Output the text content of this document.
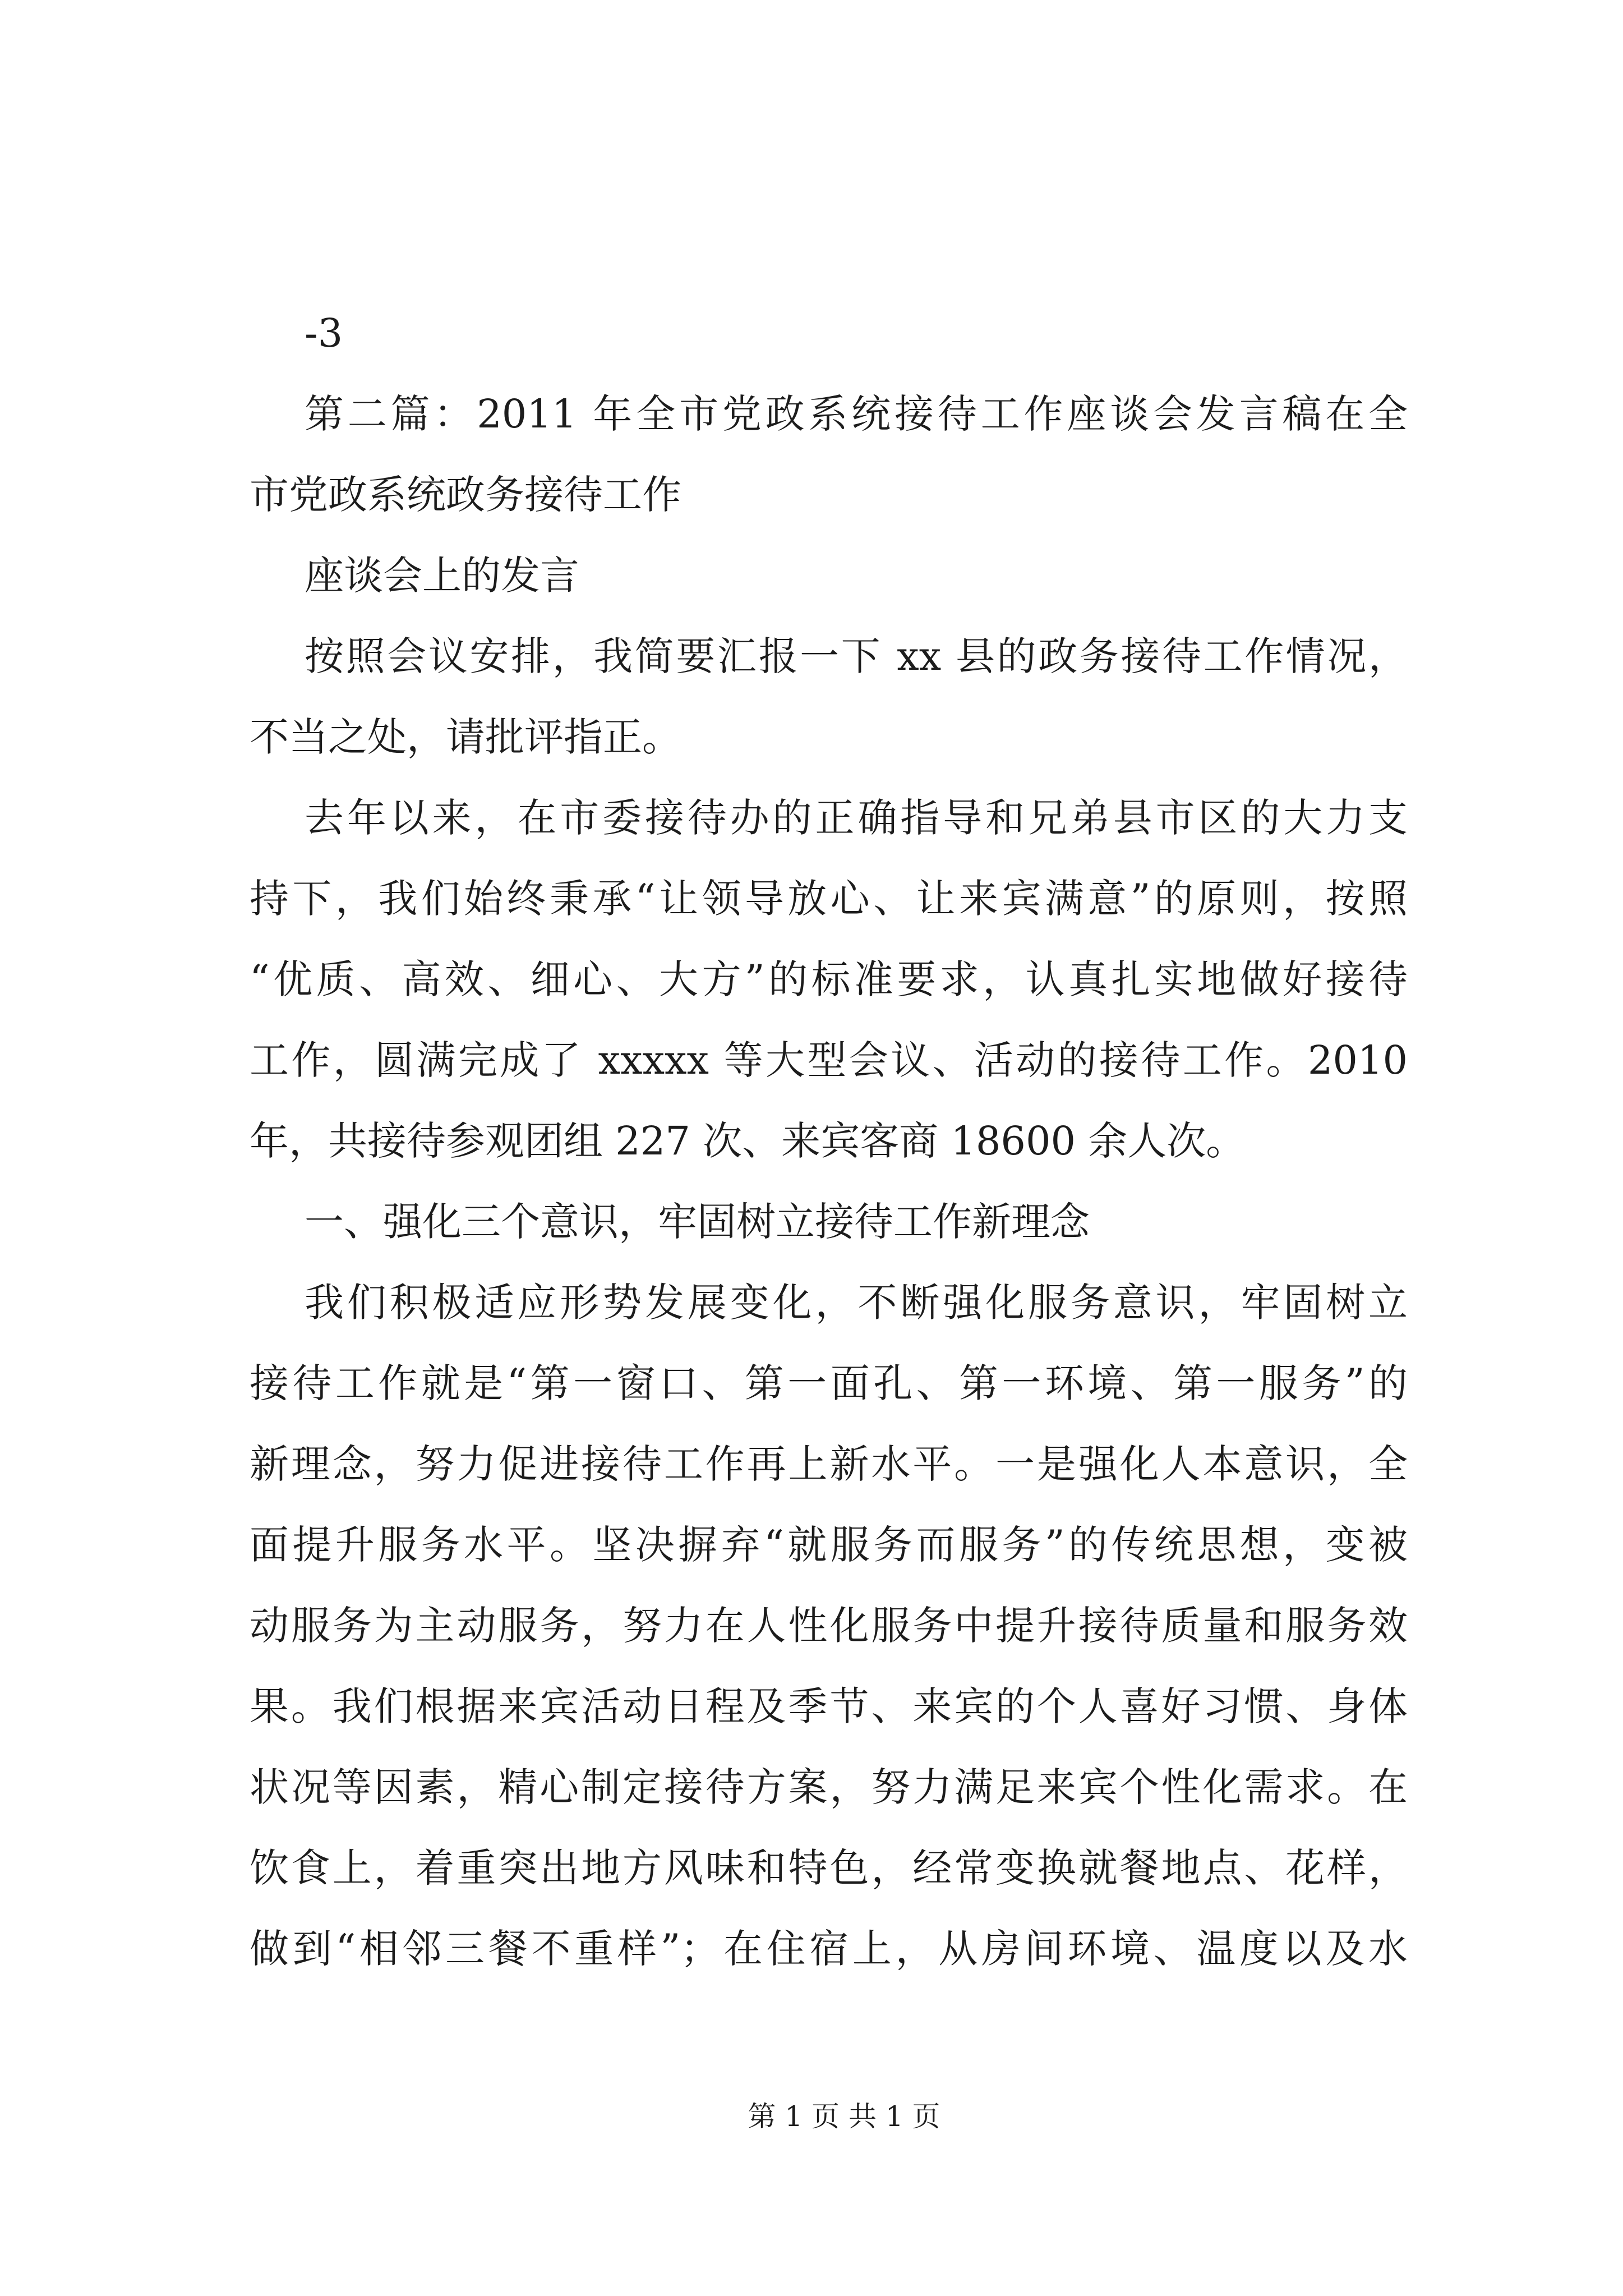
-3
第二篇：2011 年全市党政系统接待工作座谈会发言稿在全
市党政系统政务接待工作
座谈会上的发言
按照会议安排，我简要汇报一下 xx 县的政务接待工作情况，
不当之处，请批评指正。
去年以来，在市委接待办的正确指导和兄弟县市区的大力支
持下，我们始终秉承“让领导放心、让来宾满意”的原则，按照
“优质、高效、细心、大方”的标准要求，认真扎实地做好接待
工作，圆满完成了 xxxxx 等大型会议、活动的接待工作。2010
年，共接待参观团组 227 次、来宾客商 18600 余人次。
一、强化三个意识，牢固树立接待工作新理念
我们积极适应形势发展变化，不断强化服务意识，牢固树立
接待工作就是“第一窗口、第一面孔、第一环境、第一服务”的
新理念，努力促进接待工作再上新水平。一是强化人本意识，全
面提升服务水平。坚决摒弃“就服务而服务”的传统思想，变被
动服务为主动服务，努力在人性化服务中提升接待质量和服务效
果。我们根据来宾活动日程及季节、来宾的个人喜好习惯、身体
状况等因素，精心制定接待方案，努力满足来宾个性化需求。在
饮食上，着重突出地方风味和特色，经常变换就餐地点、花样，
做到“相邻三餐不重样”；在住宿上，从房间环境、温度以及水
第 1 页 共 1 页
